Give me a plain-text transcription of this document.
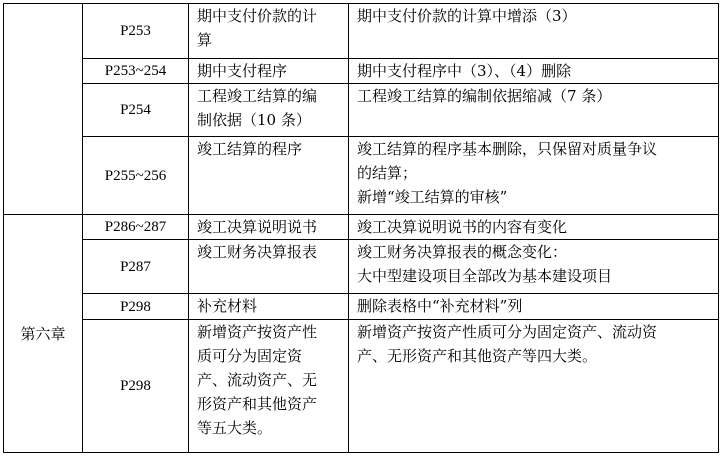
	P253	期中支付价款的计
算	期中支付价款的计算中增添（3）

	P253~254	期中支付程序	期中支付程序中（3）、（4）删除

	P254	工程竣工结算的编
制依据（10 条）	工程竣工结算的编制依据缩减（7 条）

	P255~256	竣工结算的程序	竣工结算的程序基本删除，只保留对质量争议
的结算；
新增“竣工结算的审核”

第六章	P286~287	竣工决算说明说书	竣工决算说明说书的内容有变化

	P287	竣工财务决算报表	竣工财务决算报表的概念变化：
大中型建设项目全部改为基本建设项目

	P298	补充材料	删除表格中“补充材料”列

	P298	新增资产按资产性
质可分为固定资
产、流动资产、无
形资产和其他资产
等五大类。	新增资产按资产性质可分为固定资产、流动资
产、无形资产和其他资产等四大类。
